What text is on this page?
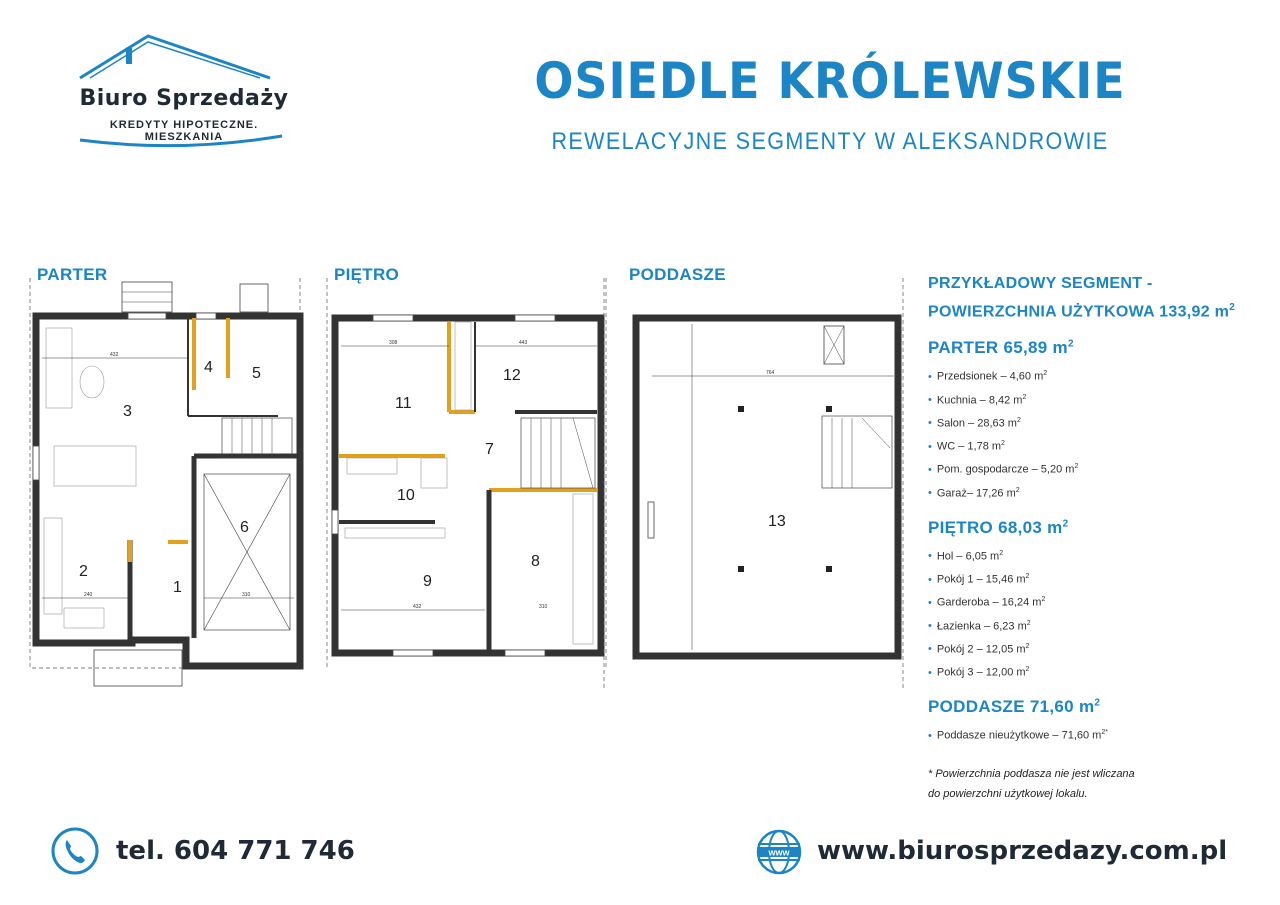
Biuro Sprzedaży
KREDYTY HIPOTECZNE. MIESZKANIA
OSIEDLE KRÓLEWSKIE
REWELACYJNE SEGMENTY W ALEKSANDROWIE
PARTER	PIĘTRO	PODDASZE
432
240	310
1
2
3
4 5
6
308	443
432	310
7
8
9
10
11
12	764
13
PRZYKŁADOWY SEGMENT -
POWIERZCHNIA UŻYTKOWA 133,92 $m^2$
PARTER 65,89 $m^2$
• Przedsionek – 4,60 $m^2$
• Kuchnia – 8,42 $m^2$
• Salon – 28,63 $m^2$
• WC – 1,78 $m^2$
• Pom. gospodarcze – 5,20 $m^2$
• Garaż– 17,26 $m^2$
PIĘTRO 68,03 $m^2$
• Hol – 6,05 $m^2$
• Pokój 1 – 15,46 $m^2$
• Garderoba – 16,24 $m^2$
• Łazienka – 6,23 $m^2$
• Pokój 2 – 12,05 $m^2$
• Pokój 3 – 12,00 $m^2$
PODDASZE 71,60 $m^2$
• Poddasze nieużytkowe – 71,60 $m^{2*}$
* Powierzchnia poddasza nie jest wliczana
do powierzchni użytkowej lokalu.
tel. 604 771 746	www www.biurosprzedazy.com.pl
